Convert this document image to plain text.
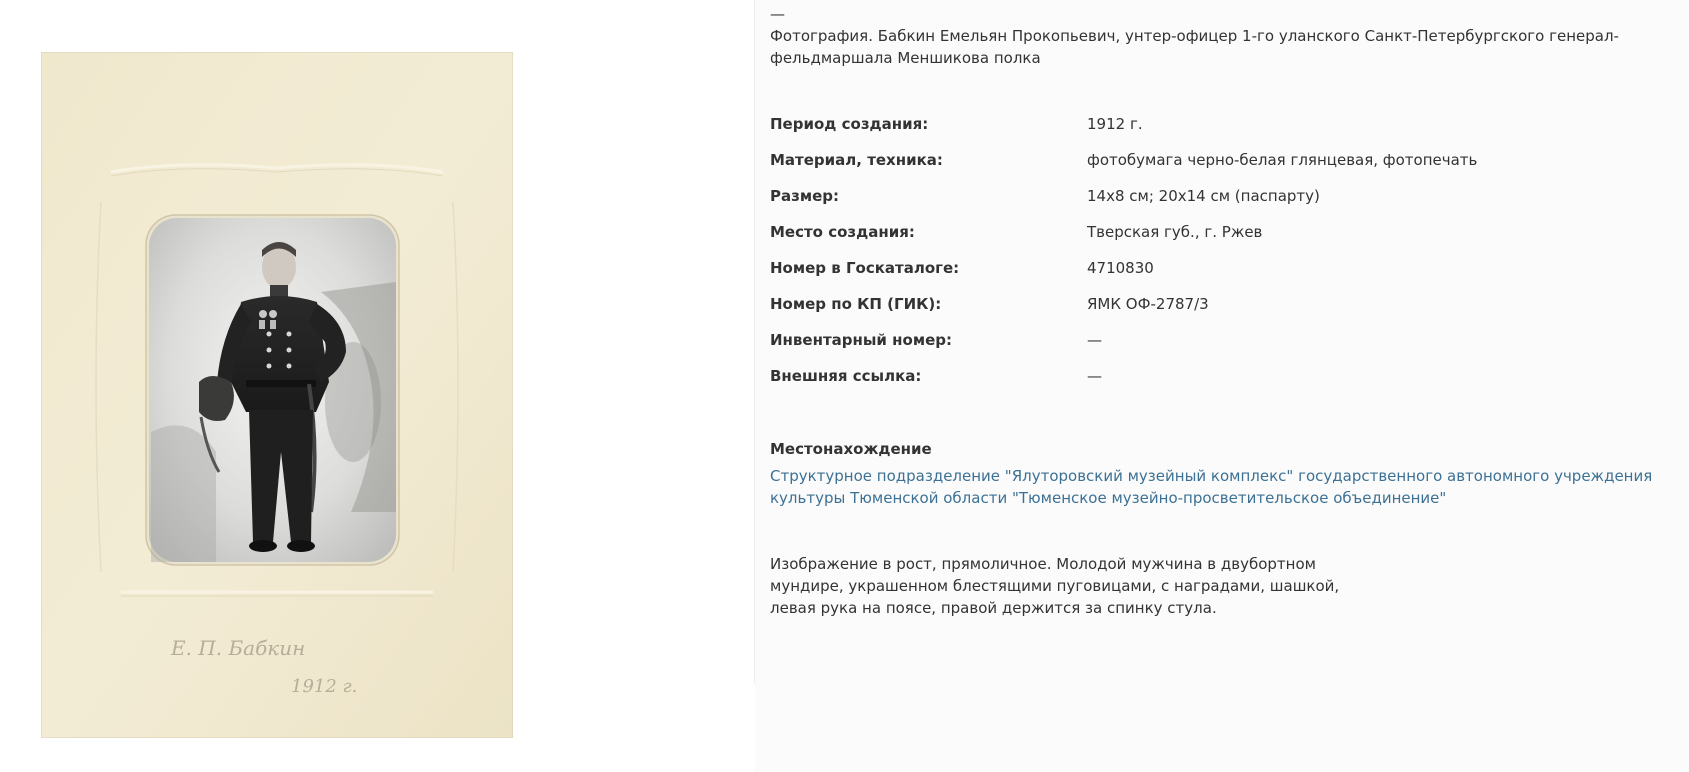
Е. П. Бабкин
1912 г.
—
Фотография. Бабкин Емельян Прокопьевич, унтер-офицер 1-го уланского Санкт-Петербургского генерал-фельдмаршала Меншикова полка
Период создания:	1912 г.
Материал, техника:	фотобумага черно-белая глянцевая, фотопечать
Размер:	14х8 см; 20х14 см (паспарту)
Место создания:	Тверская губ., г. Ржев
Номер в Госкаталоге:	4710830
Номер по КП (ГИК):	ЯМК ОФ-2787/3
Инвентарный номер:	—
Внешняя ссылка:	—
Местонахождение
Структурное подразделение "Ялуторовский музейный комплекс" государственного автономного учреждения культуры Тюменской области "Тюменское музейно-просветительское объединение"
Изображение в рост, прямоличное. Молодой мужчина в двубортном мундире, украшенном блестящими пуговицами, с наградами, шашкой, левая рука на поясе, правой держится за спинку стула.
